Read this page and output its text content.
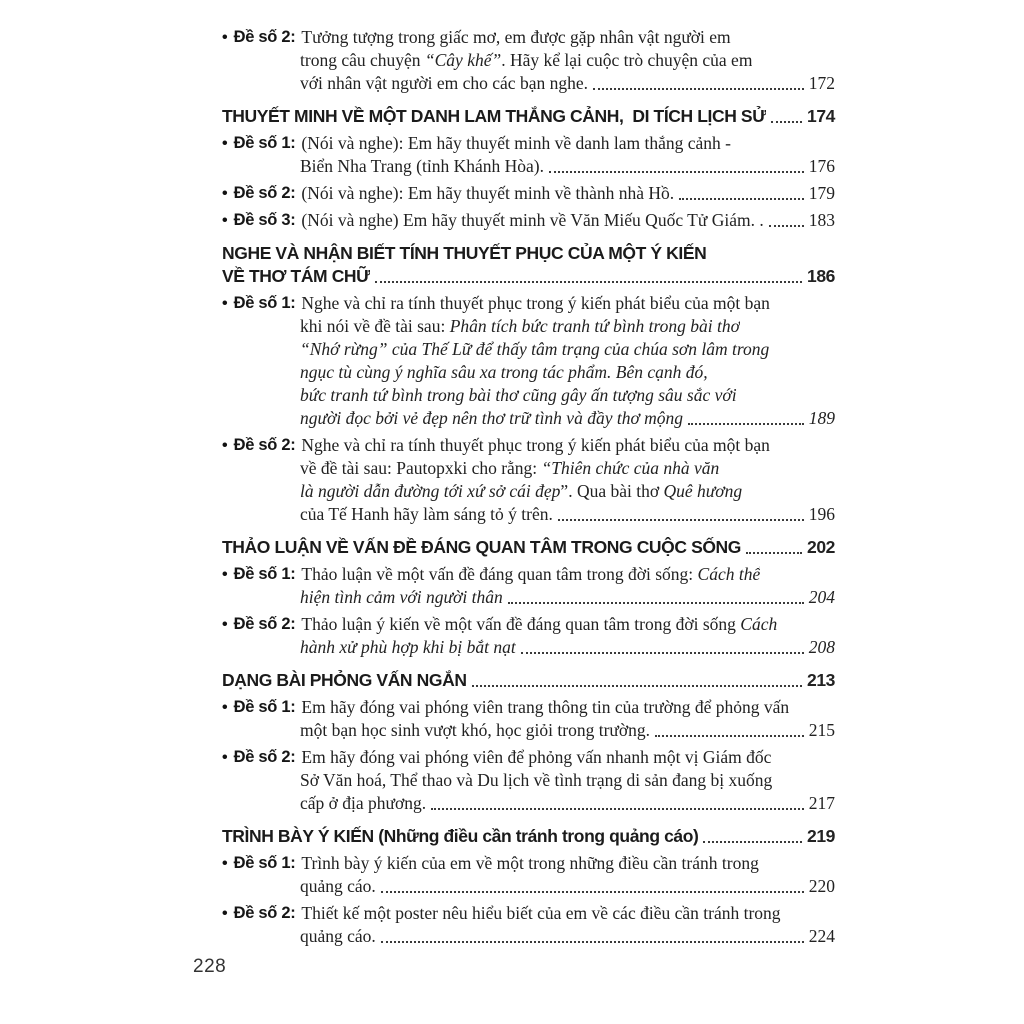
• Đề số 2: Tưởng tượng trong giấc mơ, em được gặp nhân vật người em
trong câu chuyện “Cây khế”. Hãy kể lại cuộc trò chuyện của em
với nhân vật người em cho các bạn nghe.	172
THUYẾT MINH VỀ MỘT DANH LAM THẮNG CẢNH,  DI TÍCH LỊCH SỬ 174
• Đề số 1: (Nói và nghe): Em hãy thuyết minh về danh lam thắng cảnh -
Biển Nha Trang (tỉnh Khánh Hòa).	176
• Đề số 2: (Nói và nghe): Em hãy thuyết minh về thành nhà Hồ.	179
• Đề số 3: (Nói và nghe) Em hãy thuyết minh về Văn Miếu Quốc Tử Giám. .	183
NGHE VÀ NHẬN BIẾT TÍNH THUYẾT PHỤC CỦA MỘT Ý KIẾN
VỀ THƠ TÁM CHỮ	186
• Đề số 1: Nghe và chỉ ra tính thuyết phục trong ý kiến phát biểu của một bạn
khi nói về đề tài sau: Phân tích bức tranh tứ bình trong bài thơ
“Nhớ rừng” của Thế Lữ để thấy tâm trạng của chúa sơn lâm trong
ngục tù cùng ý nghĩa sâu xa trong tác phẩm. Bên cạnh đó,
bức tranh tứ bình trong bài thơ cũng gây ấn tượng sâu sắc với
người đọc bởi vẻ đẹp nên thơ trữ tình và đầy thơ mộng	189
• Đề số 2: Nghe và chỉ ra tính thuyết phục trong ý kiến phát biểu của một bạn
về đề tài sau: Pautopxki cho rằng: “Thiên chức của nhà văn
là người dẫn đường tới xứ sở cái đẹp”. Qua bài thơ Quê hương
của Tế Hanh hãy làm sáng tỏ ý trên.	196
THẢO LUẬN VỀ VẤN ĐỀ ĐÁNG QUAN TÂM TRONG CUỘC SỐNG	202
• Đề số 1: Thảo luận về một vấn đề đáng quan tâm trong đời sống: Cách thể
hiện tình cảm với người thân	204
• Đề số 2: Thảo luận ý kiến về một vấn đề đáng quan tâm trong đời sống Cách
hành xử phù hợp khi bị bắt nạt	208
DẠNG BÀI PHỎNG VẤN NGẮN	213
• Đề số 1: Em hãy đóng vai phóng viên trang thông tin của trường để phỏng vấn
một bạn học sinh vượt khó, học giỏi trong trường.	215
• Đề số 2: Em hãy đóng vai phóng viên để phỏng vấn nhanh một vị Giám đốc
Sở Văn hoá, Thể thao và Du lịch về tình trạng di sản đang bị xuống
cấp ở địa phương.	217
TRÌNH BÀY Ý KIẾN (Những điều cần tránh trong quảng cáo)	219
• Đề số 1: Trình bày ý kiến của em về một trong những điều cần tránh trong
quảng cáo.	220
• Đề số 2: Thiết kế một poster nêu hiểu biết của em về các điều cần tránh trong
quảng cáo.	224
228
